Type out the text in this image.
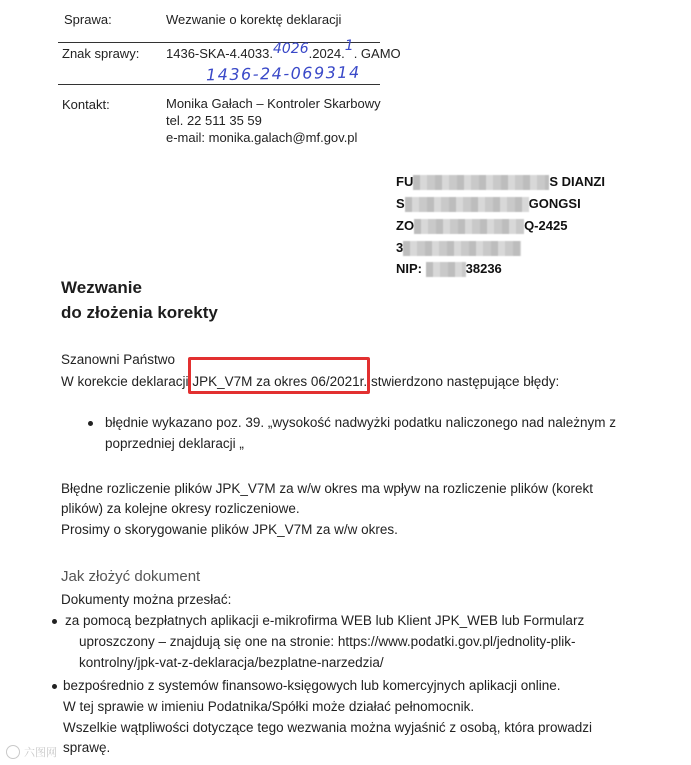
Sprawa:	Wezwanie o korektę deklaracji
Znak sprawy: 1436-SKA-4.4033.4026.2024.1. GAMO
1436-24-069314
Kontakt:	Monika Gałach – Kontroler Skarbowy
tel. 22 511 35 59
e-mail: monika.galach@mf.gov.pl
FU	S DIANZI
S	GONGSI
ZO	Q-2425
3
NIP:	38236
Wezwanie
do złożenia korekty
Szanowni Państwo
W korekcie deklaracji JPK_V7M za okres 06/2021r. stwierdzono następujące błędy:
błędnie wykazano poz. 39. „wysokość nadwyżki podatku naliczonego nad należnym z
poprzedniej deklaracji „
Błędne rozliczenie plików JPK_V7M za w/w okres ma wpływ na rozliczenie plików (korekt
plików) za kolejne okresy rozliczeniowe.
Prosimy o skorygowanie plików JPK_V7M za w/w okres.
Jak złożyć dokument
Dokumenty można przesłać:
za pomocą bezpłatnych aplikacji e-mikrofirma WEB lub Klient JPK_WEB lub Formularz
uproszczony – znajdują się one na stronie: https://www.podatki.gov.pl/jednolity-plik-
kontrolny/jpk-vat-z-deklaracja/bezplatne-narzedzia/
bezpośrednio z systemów finansowo-księgowych lub komercyjnych aplikacji online.
W tej sprawie w imieniu Podatnika/Spółki może działać pełnomocnik.
Wszelkie wątpliwości dotyczące tego wezwania można wyjaśnić z osobą, która prowadzi
sprawę.
六图网
